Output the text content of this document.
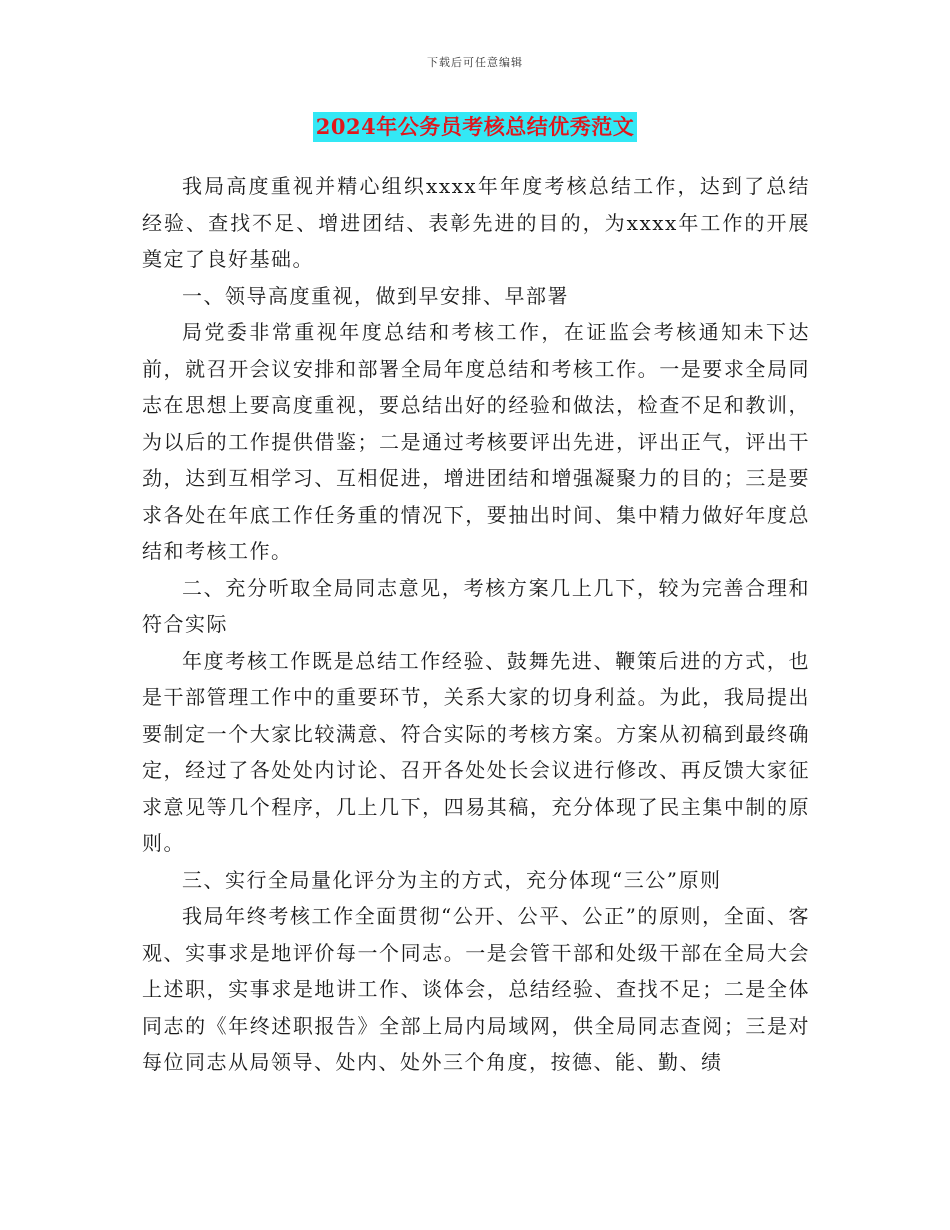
下载后可任意编辑
2024年公务员考核总结优秀范文

我局高度重视并精心组织xxxx年年度考核总结工作，达到了总结经验、查找不足、增进团结、表彰先进的目的，为xxxx年工作的开展奠定了良好基础。

一、领导高度重视，做到早安排、早部署

局党委非常重视年度总结和考核工作，在证监会考核通知未下达前，就召开会议安排和部署全局年度总结和考核工作。一是要求全局同志在思想上要高度重视，要总结出好的经验和做法，检查不足和教训，为以后的工作提供借鉴；二是通过考核要评出先进，评出正气，评出干劲，达到互相学习、互相促进，增进团结和增强凝聚力的目的；三是要求各处在年底工作任务重的情况下，要抽出时间、集中精力做好年度总结和考核工作。

二、充分听取全局同志意见，考核方案几上几下，较为完善合理和符合实际

年度考核工作既是总结工作经验、鼓舞先进、鞭策后进的方式，也是干部管理工作中的重要环节，关系大家的切身利益。为此，我局提出要制定一个大家比较满意、符合实际的考核方案。方案从初稿到最终确定，经过了各处处内讨论、召开各处处长会议进行修改、再反馈大家征求意见等几个程序，几上几下，四易其稿，充分体现了民主集中制的原则。

三、实行全局量化评分为主的方式，充分体现“三公”原则

我局年终考核工作全面贯彻“公开、公平、公正”的原则，全面、客观、实事求是地评价每一个同志。一是会管干部和处级干部在全局大会上述职，实事求是地讲工作、谈体会，总结经验、查找不足；二是全体同志的《年终述职报告》全部上局内局域网，供全局同志查阅；三是对每位同志从局领导、处内、处外三个角度，按德、能、勤、绩
